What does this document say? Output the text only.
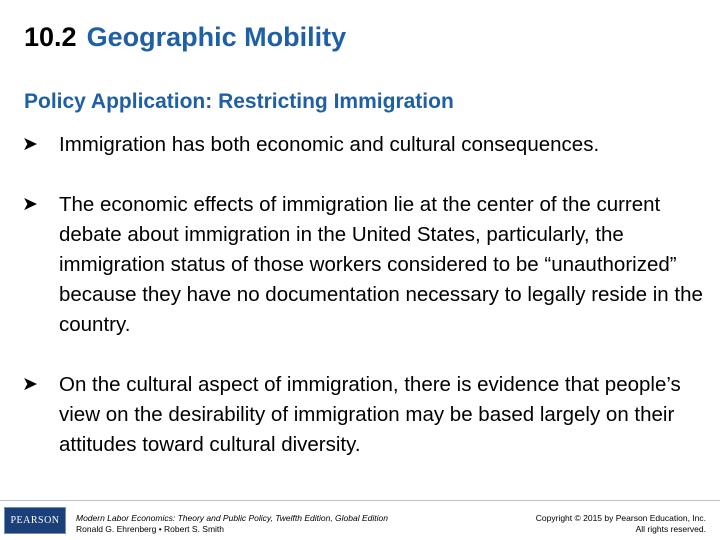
10.2 Geographic Mobility
Policy Application: Restricting Immigration
➤ Immigration has both economic and cultural consequences.
➤ The economic effects of immigration lie at the center of the current debate about immigration in the United States, particularly, the immigration status of those workers considered to be “unauthorized” because they have no documentation necessary to legally reside in the country.
➤ On the cultural aspect of immigration, there is evidence that people’s view on the desirability of immigration may be based largely on their attitudes toward cultural diversity.
PEARSON	Modern Labor Economics: Theory and Public Policy, Twelfth Edition, Global Edition
Ronald G. Ehrenberg • Robert S. Smith
Copyright © 2015 by Pearson Education, Inc.
All rights reserved.
